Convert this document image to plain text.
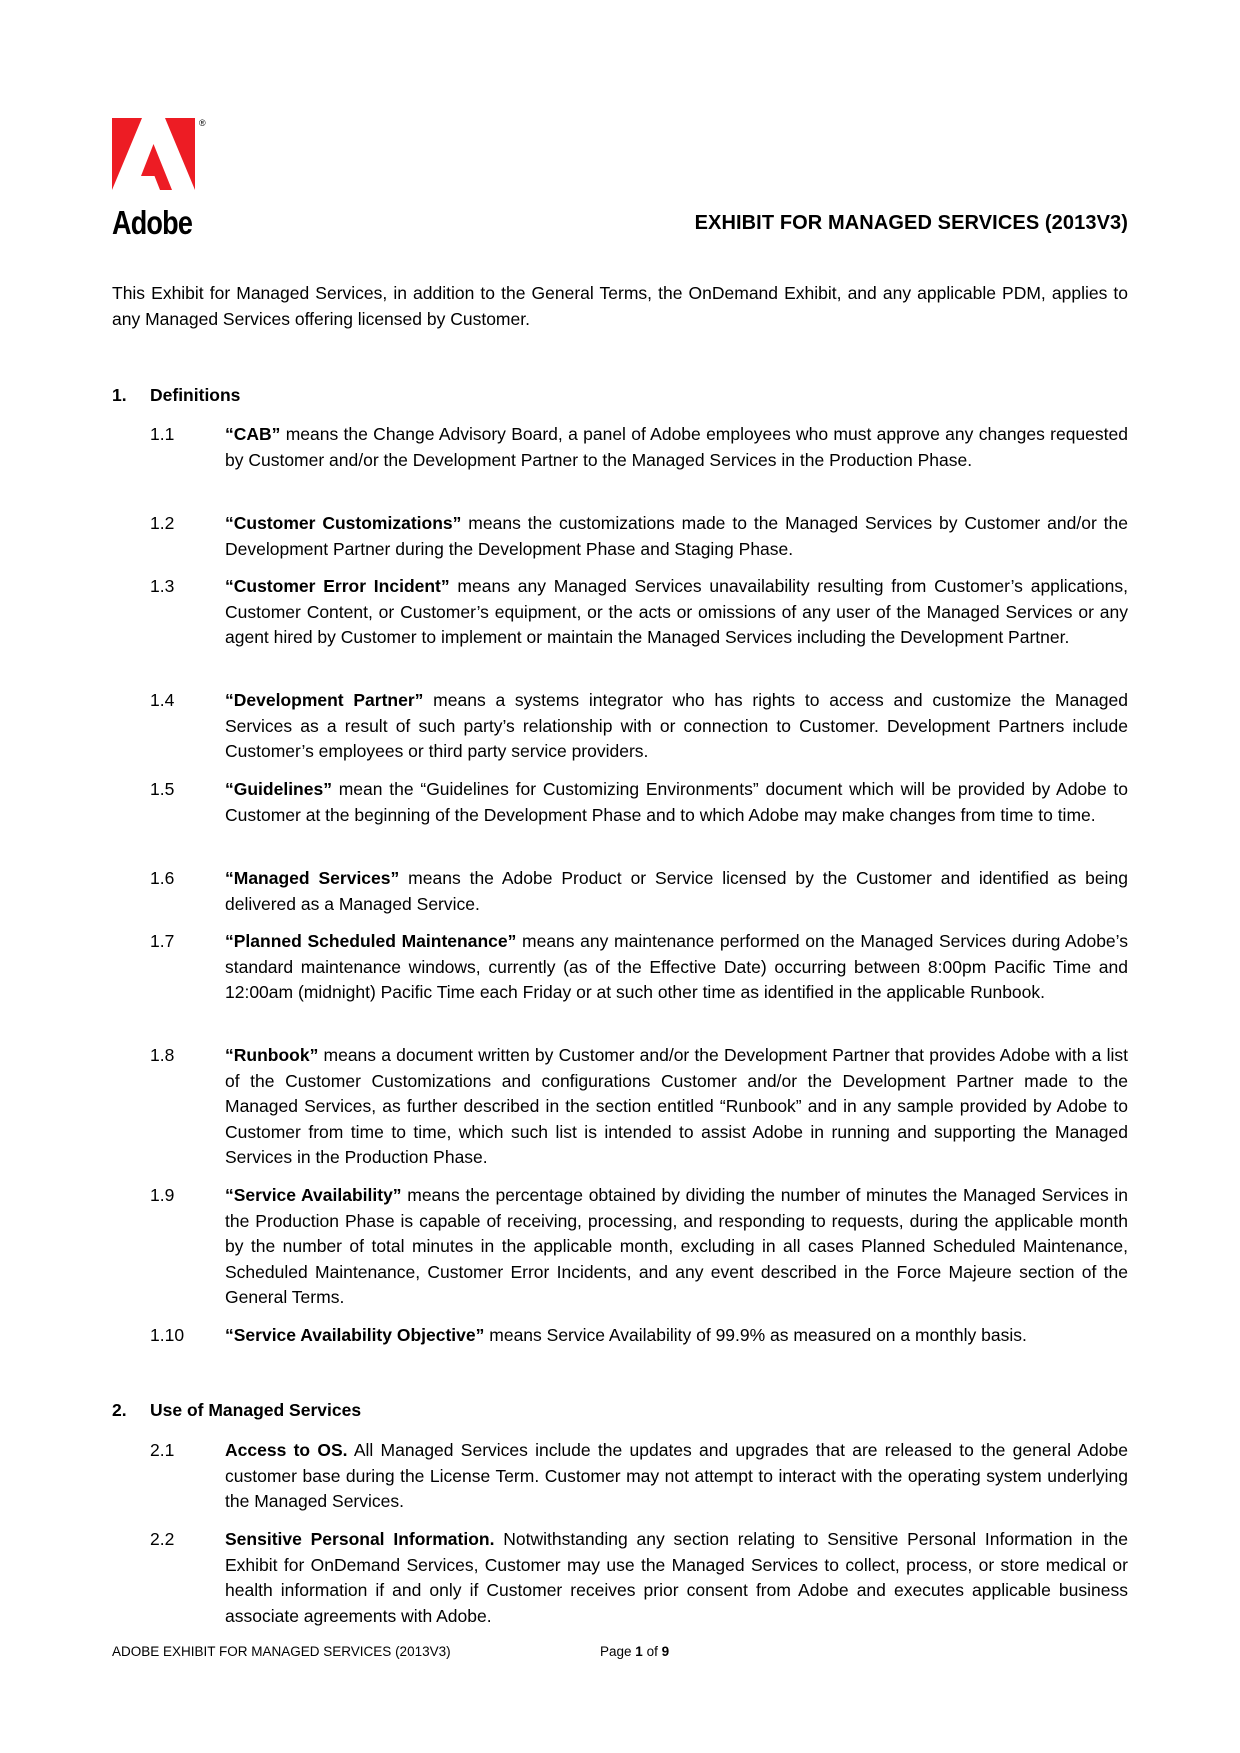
®
Adobe	EXHIBIT FOR MANAGED SERVICES (2013V3)
This Exhibit for Managed Services, in addition to the General Terms, the OnDemand Exhibit, and any applicable PDM, applies to any Managed Services offering licensed by Customer.
1. Definitions
1.1	“CAB” means the Change Advisory Board, a panel of Adobe employees who must approve any changes requested by Customer and/or the Development Partner to the Managed Services in the Production Phase.
1.2	“Customer Customizations” means the customizations made to the Managed Services by Customer and/or the Development Partner during the Development Phase and Staging Phase.
1.3	“Customer Error Incident” means any Managed Services unavailability resulting from Customer’s applications, Customer Content, or Customer’s equipment, or the acts or omissions of any user of the Managed Services or any agent hired by Customer to implement or maintain the Managed Services including the Development Partner.
1.4	“Development Partner” means a systems integrator who has rights to access and customize the Managed Services as a result of such party’s relationship with or connection to Customer. Development Partners include Customer’s employees or third party service providers.
1.5	“Guidelines” mean the “Guidelines for Customizing Environments” document which will be provided by Adobe to Customer at the beginning of the Development Phase and to which Adobe may make changes from time to time.
1.6	“Managed Services” means the Adobe Product or Service licensed by the Customer and identified as being delivered as a Managed Service.
1.7	“Planned Scheduled Maintenance” means any maintenance performed on the Managed Services during Adobe’s standard maintenance windows, currently (as of the Effective Date) occurring between 8:00pm Pacific Time and 12:00am (midnight) Pacific Time each Friday or at such other time as identified in the applicable Runbook.
1.8	“Runbook” means a document written by Customer and/or the Development Partner that provides Adobe with a list of the Customer Customizations and configurations Customer and/or the Development Partner made to the Managed Services, as further described in the section entitled “Runbook” and in any sample provided by Adobe to Customer from time to time, which such list is intended to assist Adobe in running and supporting the Managed Services in the Production Phase.
1.9	“Service Availability” means the percentage obtained by dividing the number of minutes the Managed Services in the Production Phase is capable of receiving, processing, and responding to requests, during the applicable month by the number of total minutes in the applicable month, excluding in all cases Planned Scheduled Maintenance, Scheduled Maintenance, Customer Error Incidents, and any event described in the Force Majeure section of the General Terms.
1.10	“Service Availability Objective” means Service Availability of 99.9% as measured on a monthly basis.
2. Use of Managed Services
2.1	Access to OS. All Managed Services include the updates and upgrades that are released to the general Adobe customer base during the License Term. Customer may not attempt to interact with the operating system underlying the Managed Services.
2.2	Sensitive Personal Information. Notwithstanding any section relating to Sensitive Personal Information in the Exhibit for OnDemand Services, Customer may use the Managed Services to collect, process, or store medical or health information if and only if Customer receives prior consent from Adobe and executes applicable business associate agreements with Adobe.
ADOBE EXHIBIT FOR MANAGED SERVICES (2013V3)	Page 1 of 9
